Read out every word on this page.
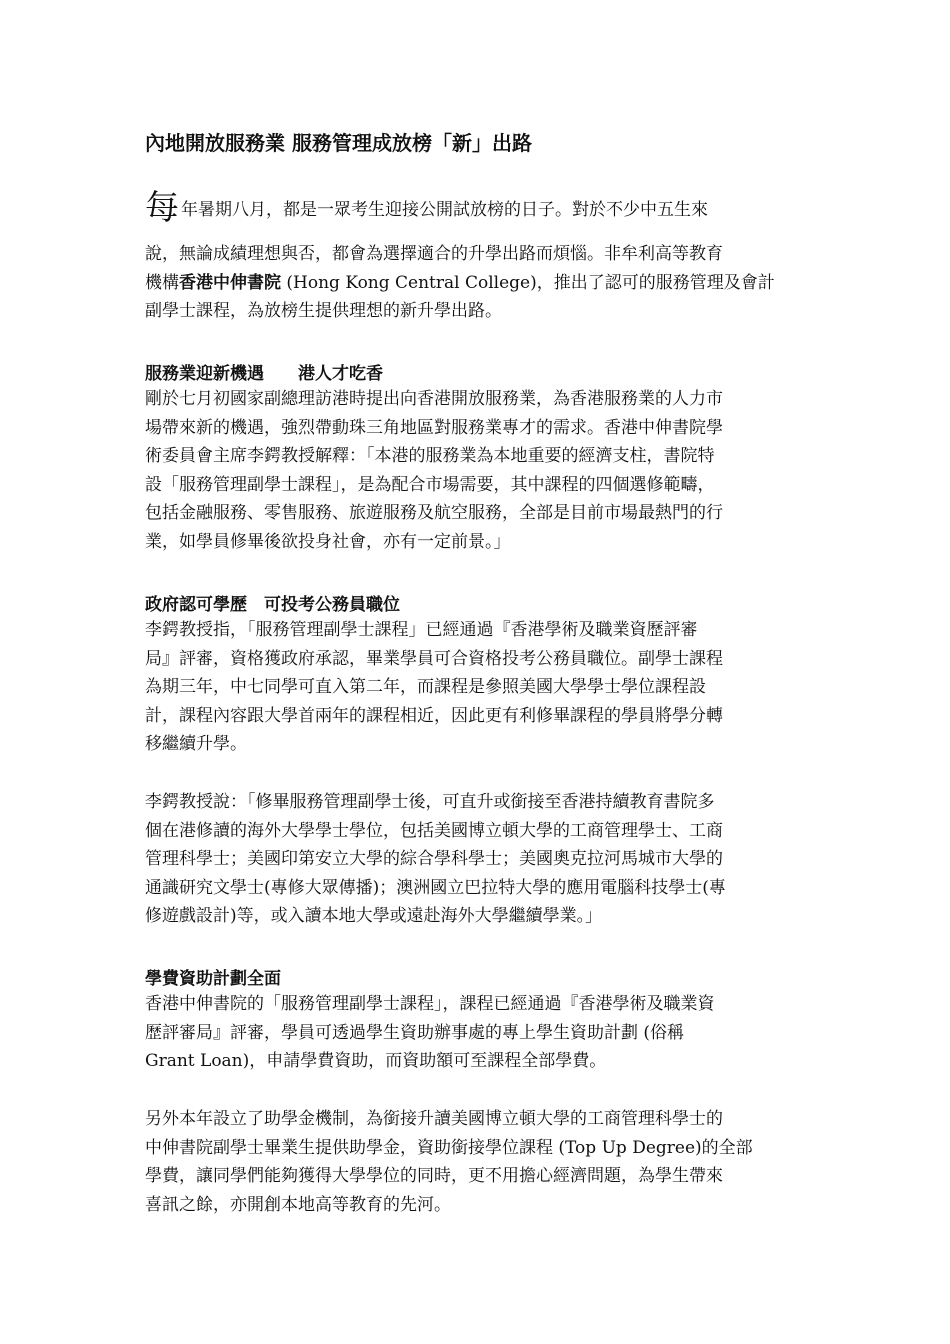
內地開放服務業 服務管理成放榜「新」出路
每 年暑期八月，都是一眾考生迎接公開試放榜的日子。對於不少中五生來
說，無論成績理想與否，都會為選擇適合的升學出路而煩惱。非牟利高等教育
機構香港中伸書院 (Hong Kong Central College)，推出了認可的服務管理及會計
副學士課程，為放榜生提供理想的新升學出路。
服務業迎新機遇　　港人才吃香
剛於七月初國家副總理訪港時提出向香港開放服務業，為香港服務業的人力市
場帶來新的機遇，強烈帶動珠三角地區對服務業專才的需求。香港中伸書院學
術委員會主席李鍔教授解釋：「本港的服務業為本地重要的經濟支柱，書院特
設「服務管理副學士課程」，是為配合市場需要，其中課程的四個選修範疇，
包括金融服務、零售服務、旅遊服務及航空服務，全部是目前市場最熱門的行
業，如學員修畢後欲投身社會，亦有一定前景。」
政府認可學歷　可投考公務員職位
李鍔教授指，「服務管理副學士課程」已經通過『香港學術及職業資歷評審
局』評審，資格獲政府承認，畢業學員可合資格投考公務員職位。副學士課程
為期三年，中七同學可直入第二年，而課程是參照美國大學學士學位課程設
計，課程內容跟大學首兩年的課程相近，因此更有利修畢課程的學員將學分轉
移繼續升學。
李鍔教授說：「修畢服務管理副學士後，可直升或銜接至香港持續教育書院多
個在港修讀的海外大學學士學位，包括美國博立頓大學的工商管理學士、工商
管理科學士；美國印第安立大學的綜合學科學士；美國奧克拉河馬城市大學的
通識研究文學士(專修大眾傳播)；澳洲國立巴拉特大學的應用電腦科技學士(專
修遊戲設計)等，或入讀本地大學或遠赴海外大學繼續學業。」
學費資助計劃全面
香港中伸書院的「服務管理副學士課程」，課程已經通過『香港學術及職業資
歷評審局』評審，學員可透過學生資助辦事處的專上學生資助計劃 (俗稱
Grant Loan)，申請學費資助，而資助額可至課程全部學費。
另外本年設立了助學金機制，為銜接升讀美國博立頓大學的工商管理科學士的
中伸書院副學士畢業生提供助學金，資助銜接學位課程 (Top Up Degree)的全部
學費，讓同學們能夠獲得大學學位的同時，更不用擔心經濟問題，為學生帶來
喜訊之餘，亦開創本地高等教育的先河。
